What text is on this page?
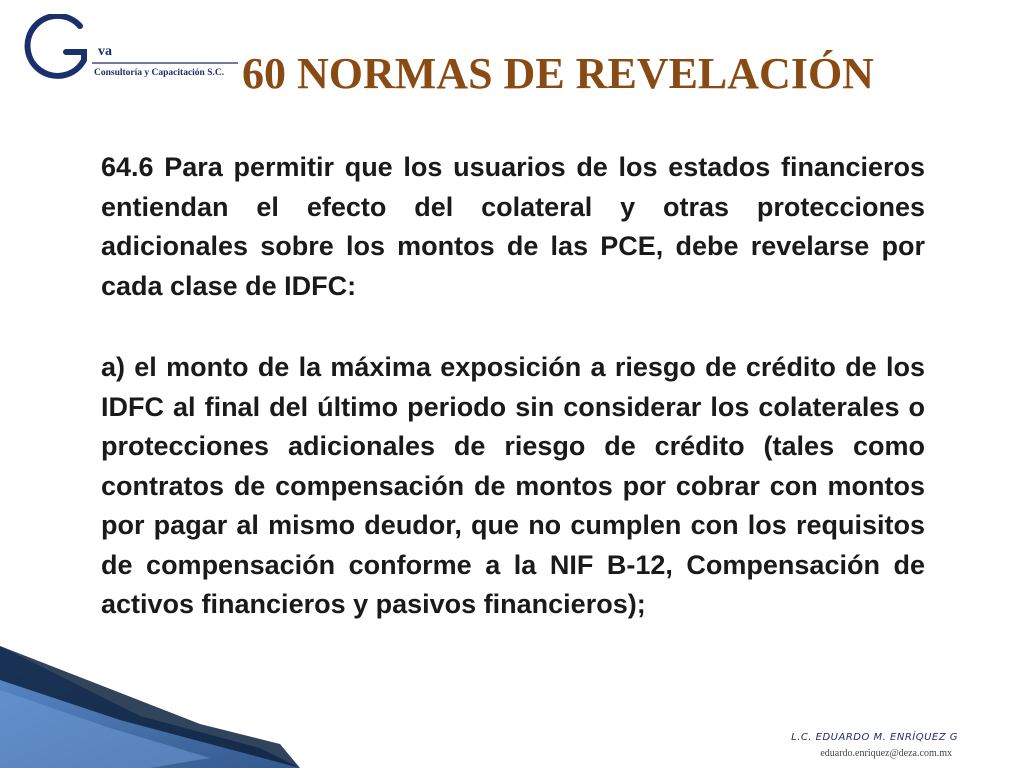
va
Consultoría y Capacitación S.C. 60 NORMAS DE REVELACIÓN

64.6 Para permitir que los usuarios de los estados financieros entiendan el efecto del colateral y otras protecciones adicionales sobre los montos de las PCE, debe revelarse por cada clase de IDFC:

a) el monto de la máxima exposición a riesgo de crédito de los IDFC al final del último periodo sin considerar los colaterales o protecciones adicionales de riesgo de crédito (tales como contratos de compensación de montos por cobrar con montos por pagar al mismo deudor, que no cumplen con los requisitos de compensación conforme a la NIF B-12, Compensación de activos financieros y pasivos financieros);

L.C. EDUARDO M. ENRÍQUEZ G
eduardo.enriquez@deza.com.mx
